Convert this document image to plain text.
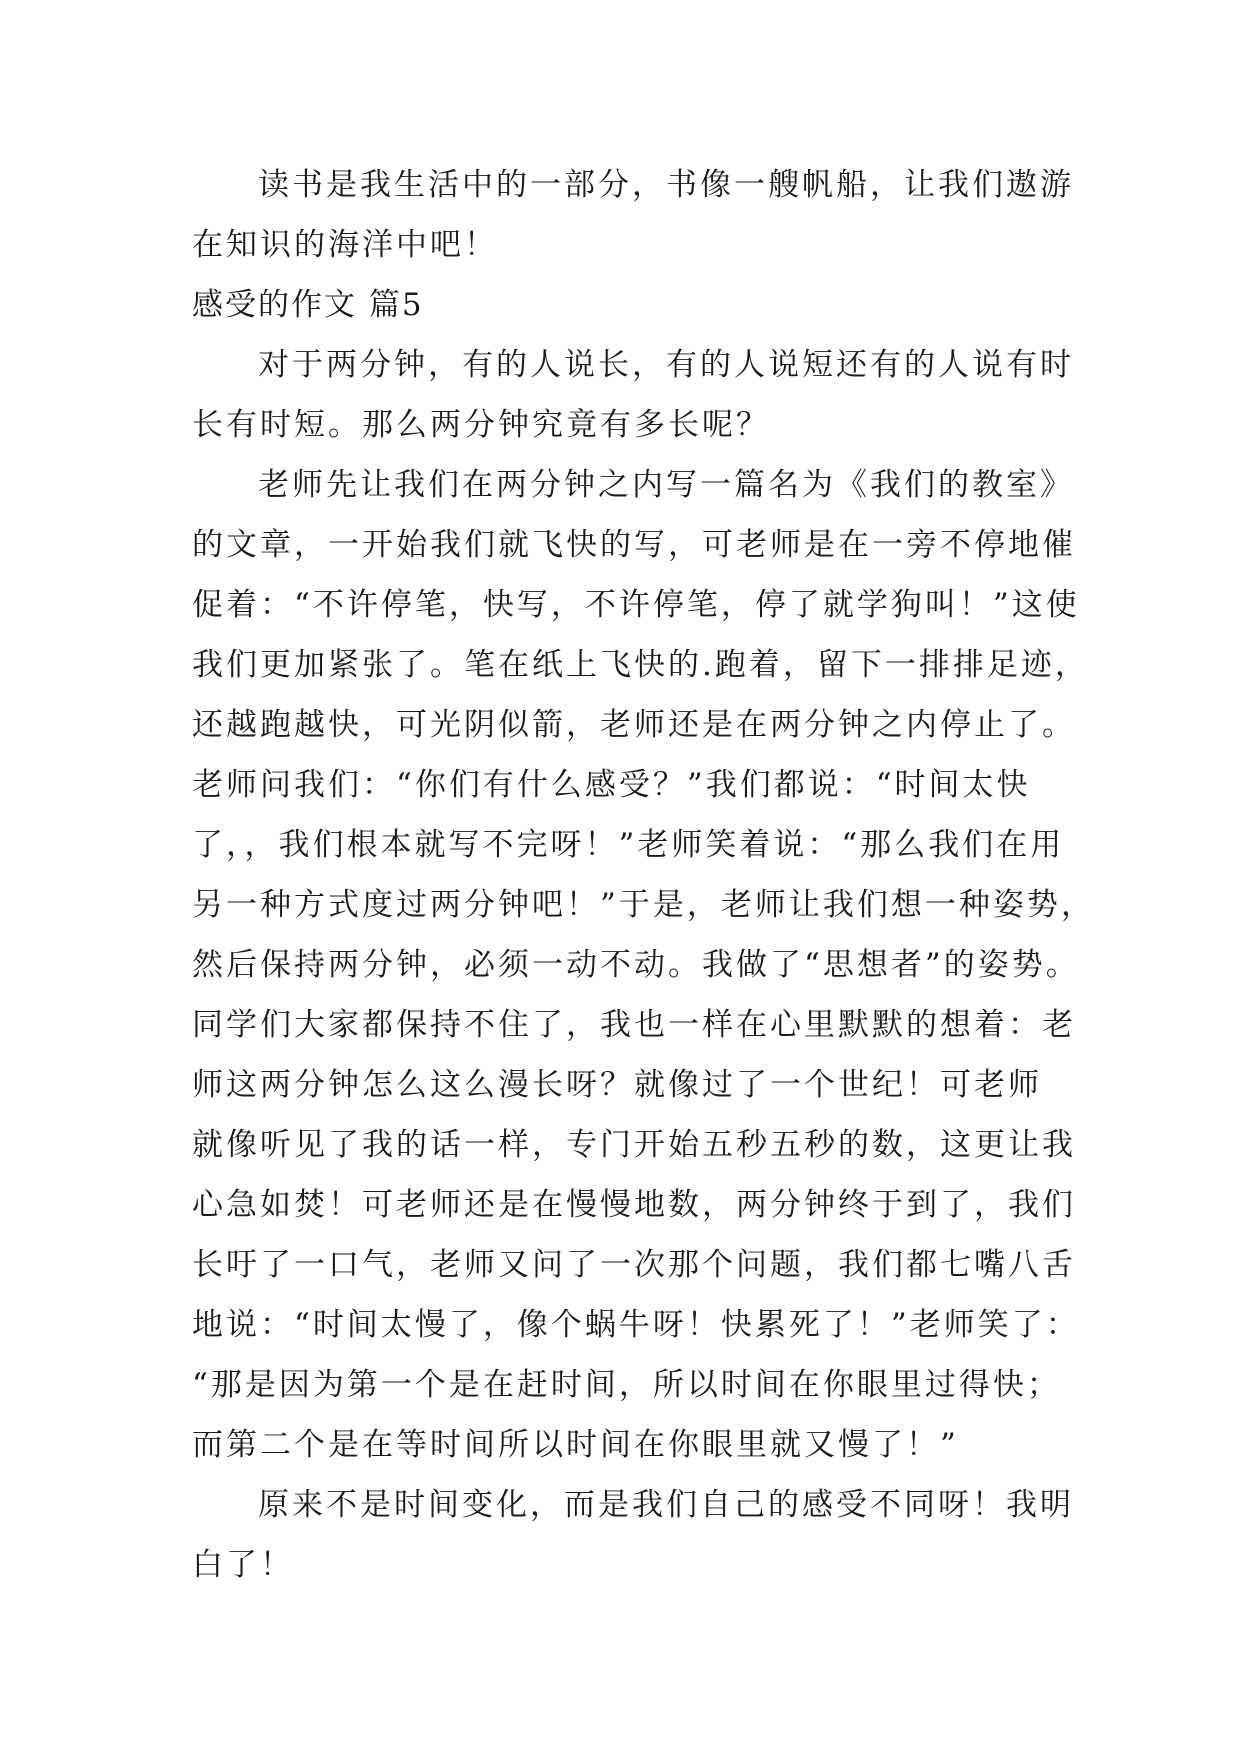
读书是我生活中的一部分，书像一艘帆船，让我们遨游
在知识的海洋中吧！
感受的作文 篇5
对于两分钟，有的人说长，有的人说短还有的人说有时
长有时短。那么两分钟究竟有多长呢？
老师先让我们在两分钟之内写一篇名为《我们的教室》
的文章，一开始我们就飞快的写，可老师是在一旁不停地催
促着：“不许停笔，快写，不许停笔，停了就学狗叫！”这使
我们更加紧张了。笔在纸上飞快的.跑着，留下一排排足迹，
还越跑越快，可光阴似箭，老师还是在两分钟之内停止了。
老师问我们：“你们有什么感受？”我们都说：“时间太快
了，，我们根本就写不完呀！”老师笑着说：“那么我们在用
另一种方式度过两分钟吧！”于是，老师让我们想一种姿势，
然后保持两分钟，必须一动不动。我做了“思想者”的姿势。
同学们大家都保持不住了，我也一样在心里默默的想着：老
师这两分钟怎么这么漫长呀？就像过了一个世纪！可老师
就像听见了我的话一样，专门开始五秒五秒的数，这更让我
心急如焚！可老师还是在慢慢地数，两分钟终于到了，我们
长吁了一口气，老师又问了一次那个问题，我们都七嘴八舌
地说：“时间太慢了，像个蜗牛呀！快累死了！”老师笑了：
“那是因为第一个是在赶时间，所以时间在你眼里过得快；
而第二个是在等时间所以时间在你眼里就又慢了！”
原来不是时间变化，而是我们自己的感受不同呀！我明
白了！
